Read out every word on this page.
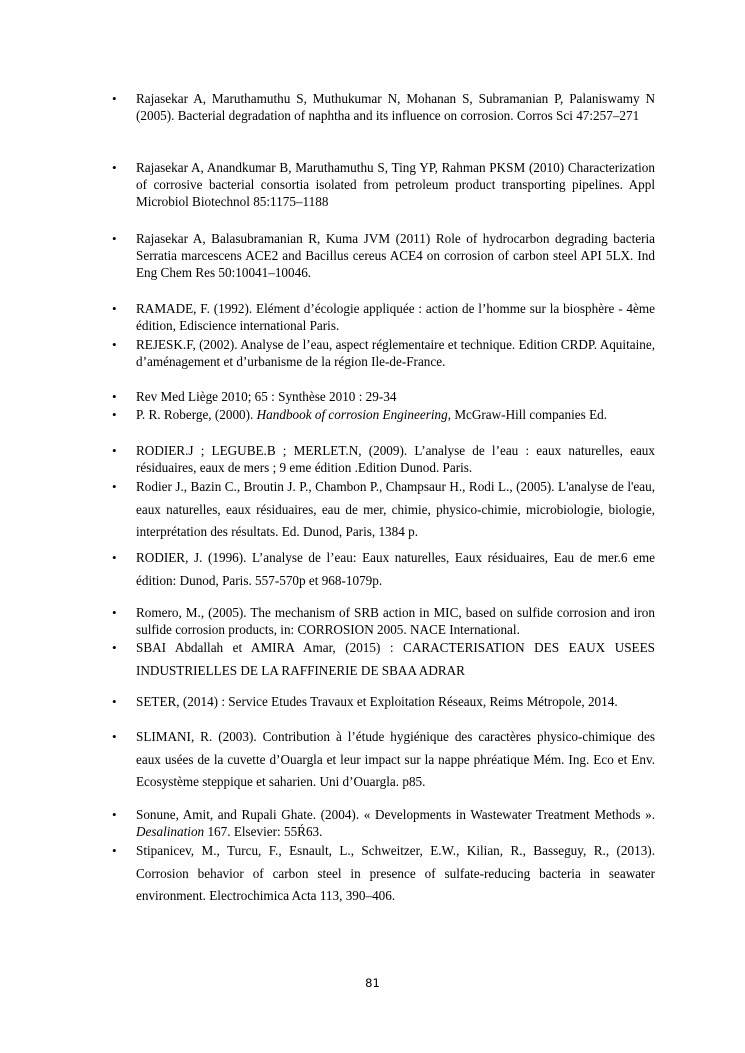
• Rajasekar A, Maruthamuthu S, Muthukumar N, Mohanan S, Subramanian P, Palaniswamy N (2005). Bacterial degradation of naphtha and its influence on corrosion. Corros Sci 47:257–271
• Rajasekar A, Anandkumar B, Maruthamuthu S, Ting YP, Rahman PKSM (2010) Characterization of corrosive bacterial consortia isolated from petroleum product transporting pipelines. Appl Microbiol Biotechnol 85:1175–1188
• Rajasekar A, Balasubramanian R, Kuma JVM (2011) Role of hydrocarbon degrading bacteria Serratia marcescens ACE2 and Bacillus cereus ACE4 on corrosion of carbon steel API 5LX. Ind Eng Chem Res 50:10041–10046.
• RAMADE, F. (1992). Elément d’écologie appliquée : action de l’homme sur la biosphère - 4ème édition, Ediscience international Paris.
• REJESK.F, (2002). Analyse de l’eau, aspect réglementaire et technique. Edition CRDP. Aquitaine, d’aménagement et d’urbanisme de la région Ile-de-France.
• Rev Med Liège 2010; 65 : Synthèse 2010 : 29-34
• P. R. Roberge, (2000). Handbook of corrosion Engineering, McGraw-Hill companies Ed.
• RODIER.J ; LEGUBE.B ; MERLET.N, (2009). L’analyse de l’eau : eaux naturelles, eaux résiduaires, eaux de mers ; 9 eme édition .Edition Dunod. Paris.
• Rodier J., Bazin C., Broutin J. P., Chambon P., Champsaur H., Rodi L., (2005). L'analyse de l'eau, eaux naturelles, eaux résiduaires, eau de mer, chimie, physico-chimie, microbiologie, biologie, interprétation des résultats. Ed. Dunod, Paris, 1384 p.
• RODIER, J. (1996). L’analyse de l’eau: Eaux naturelles, Eaux résiduaires, Eau de mer.6 eme édition: Dunod, Paris. 557-570p et 968-1079p.
• Romero, M., (2005). The mechanism of SRB action in MIC, based on sulfide corrosion and iron sulfide corrosion products, in: CORROSION 2005. NACE International.
• SBAI Abdallah et AMIRA Amar, (2015) : CARACTERISATION DES EAUX USEES INDUSTRIELLES DE LA RAFFINERIE DE SBAA ADRAR
• SETER, (2014) : Service Etudes Travaux et Exploitation Réseaux, Reims Métropole, 2014.
• SLIMANI, R. (2003). Contribution à l’étude hygiénique des caractères physico-chimique des eaux usées de la cuvette d’Ouargla et leur impact sur la nappe phréatique Mém. Ing. Eco et Env. Ecosystème steppique et saharien. Uni d’Ouargla. p85.
• Sonune, Amit, and Rupali Ghate. (2004). « Developments in Wastewater Treatment Methods ». Desalination 167. Elsevier: 55Ŕ63.
• Stipanicev, M., Turcu, F., Esnault, L., Schweitzer, E.W., Kilian, R., Basseguy, R., (2013). Corrosion behavior of carbon steel in presence of sulfate-reducing bacteria in seawater environment. Electrochimica Acta 113, 390–406.
81
